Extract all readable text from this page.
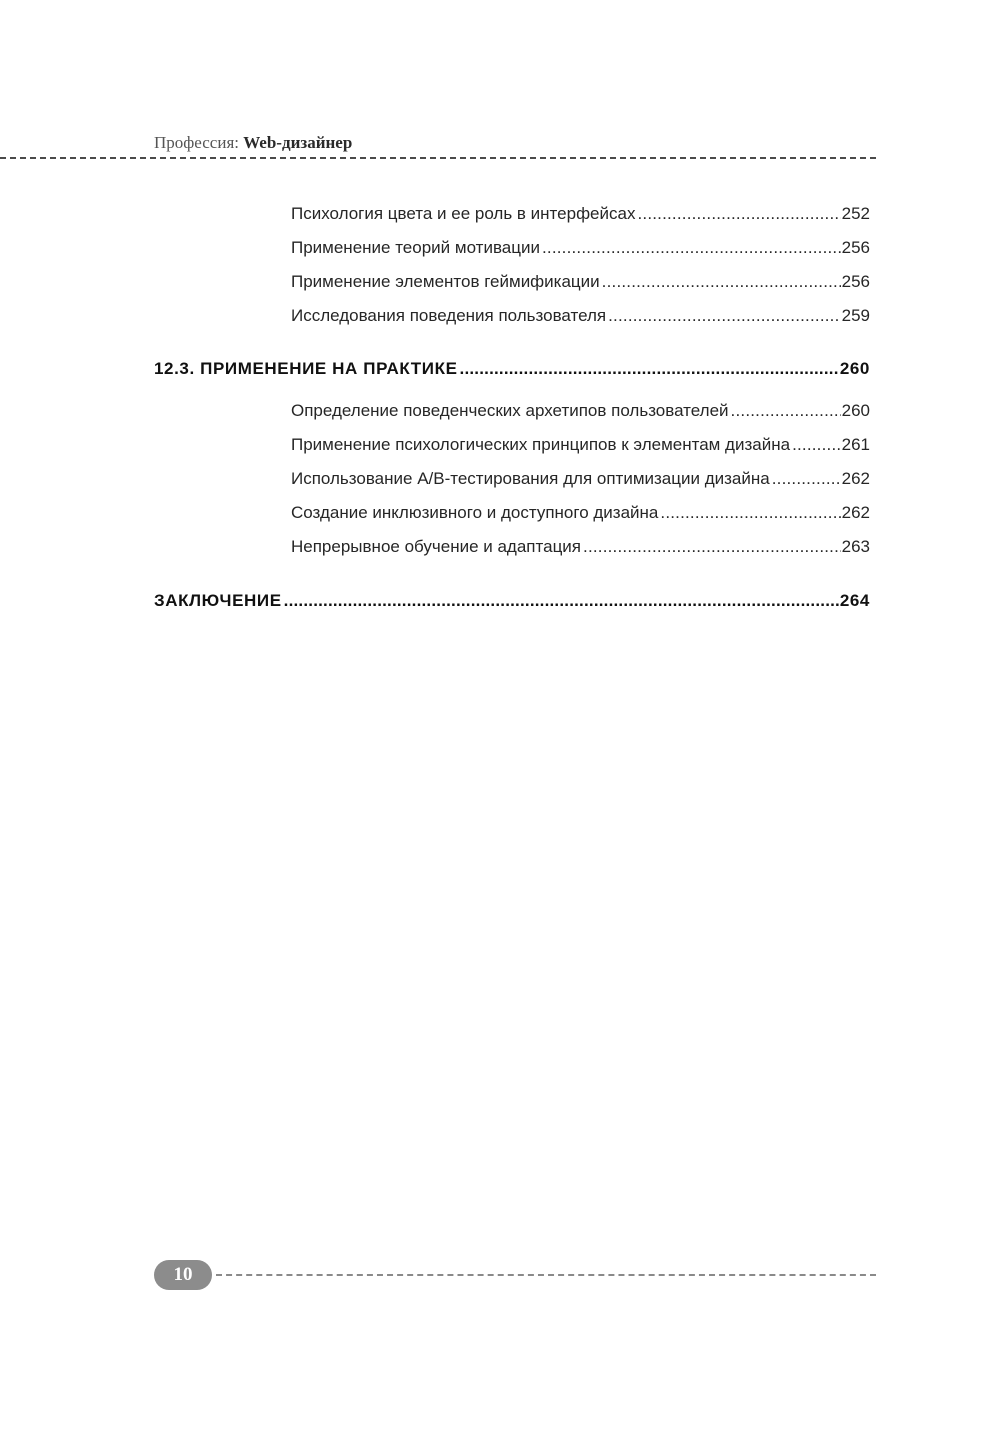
Профессия: Web-дизайнер
Психология цвета и ее роль в интерфейсах .....	252
Применение теорий мотивации .....	256
Применение элементов геймификации .....	256
Исследования поведения пользователя .....	259
12.3. ПРИМЕНЕНИЕ НА ПРАКТИКЕ .....	260
Определение поведенческих архетипов пользователей .....	260
Применение психологических принципов к элементам дизайна .....	261
Использование A/B-тестирования для оптимизации дизайна .....	262
Создание инклюзивного и доступного дизайна .....	262
Непрерывное обучение и адаптация .....	263
ЗАКЛЮЧЕНИЕ .....	264
10
